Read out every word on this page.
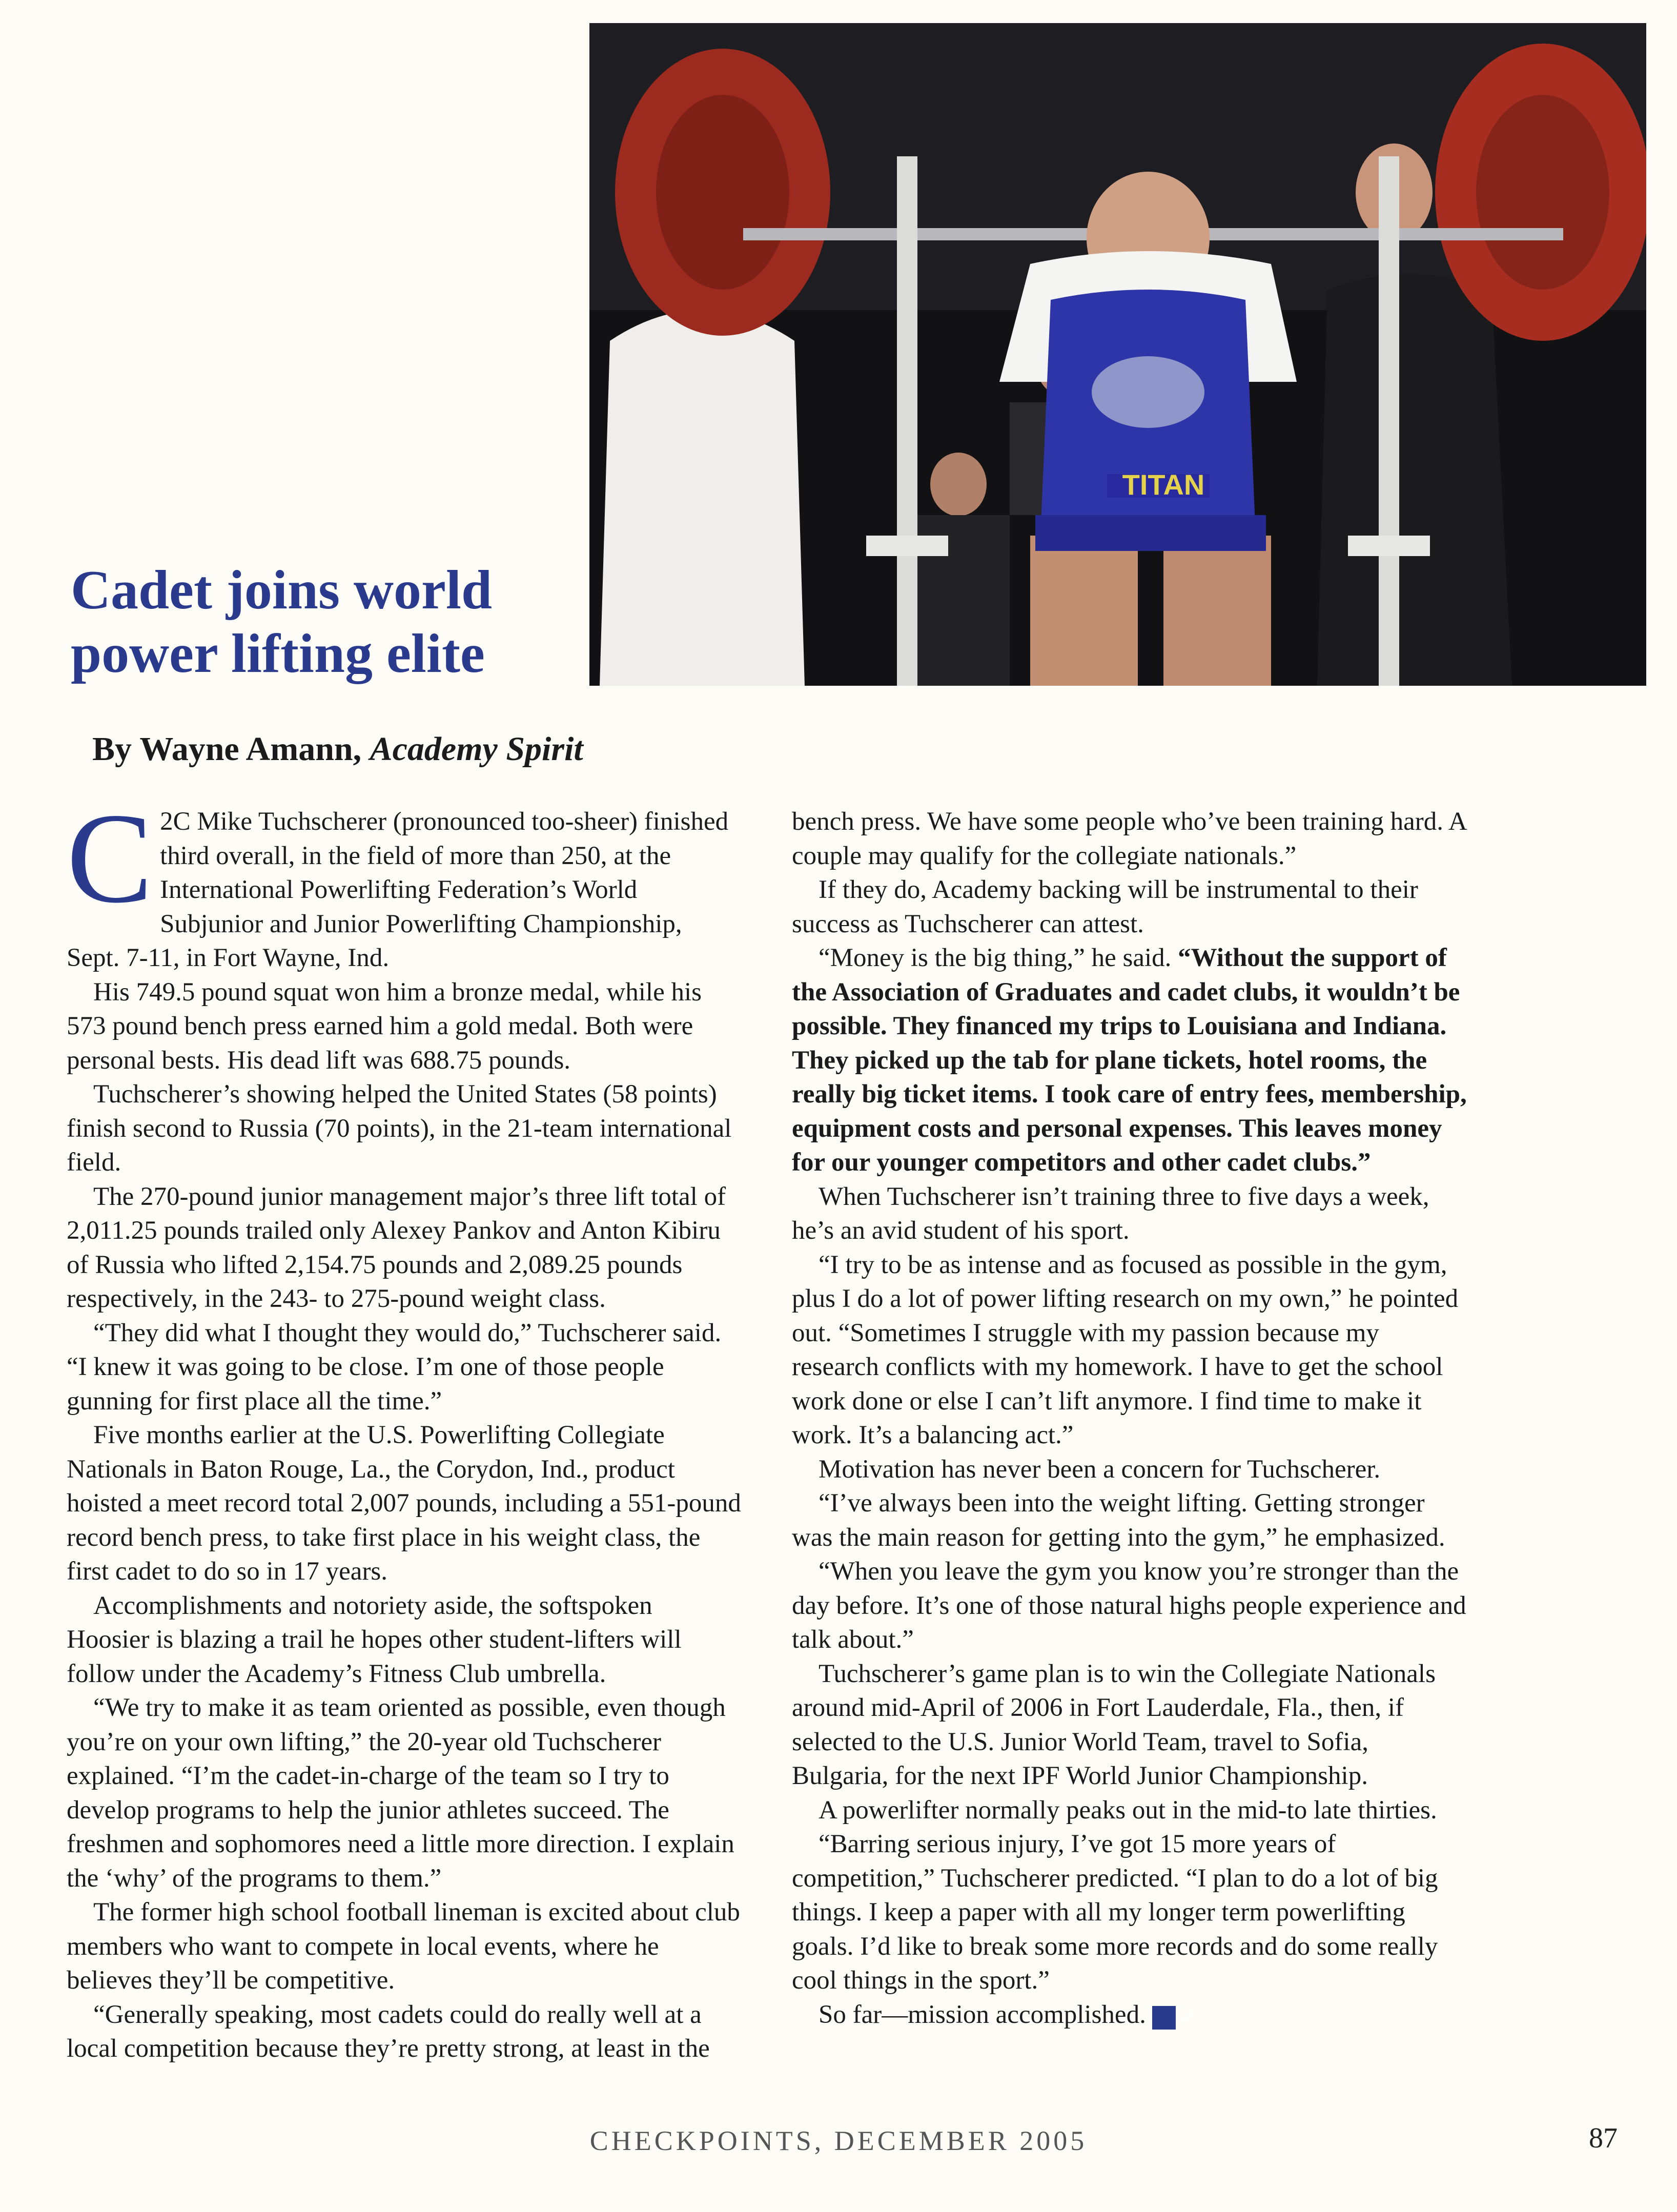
TITAN
Cadet joins world power lifting elite

By Wayne Amann, Academy Spirit

C 2C Mike Tuchscherer (pronounced too-sheer) finished third overall, in the field of more than 250, at the International Powerlifting Federation’s World Subjunior and Junior Powerlifting Championship, Sept. 7-11, in Fort Wayne, Ind.

His 749.5 pound squat won him a bronze medal, while his 573 pound bench press earned him a gold medal. Both were personal bests. His dead lift was 688.75 pounds.

Tuchscherer’s showing helped the United States (58 points) finish second to Russia (70 points), in the 21-team international field.

The 270-pound junior management major’s three lift total of 2,011.25 pounds trailed only Alexey Pankov and Anton Kibiru of Russia who lifted 2,154.75 pounds and 2,089.25 pounds respectively, in the 243- to 275-pound weight class.

“They did what I thought they would do,” Tuchscherer said. “I knew it was going to be close. I’m one of those people gunning for first place all the time.”

Five months earlier at the U.S. Powerlifting Collegiate Nationals in Baton Rouge, La., the Corydon, Ind., product hoisted a meet record total 2,007 pounds, including a 551-pound record bench press, to take first place in his weight class, the first cadet to do so in 17 years.

Accomplishments and notoriety aside, the softspoken Hoosier is blazing a trail he hopes other student-lifters will follow under the Academy’s Fitness Club umbrella.

“We try to make it as team oriented as possible, even though you’re on your own lifting,” the 20-year old Tuchscherer explained. “I’m the cadet-in-charge of the team so I try to develop programs to help the junior athletes succeed. The freshmen and sophomores need a little more direction. I explain the ‘why’ of the programs to them.”

The former high school football lineman is excited about club members who want to compete in local events, where he believes they’ll be competitive.

“Generally speaking, most cadets could do really well at a local competition because they’re pretty strong, at least in the

bench press. We have some people who’ve been training hard. A couple may qualify for the collegiate nationals.”

If they do, Academy backing will be instrumental to their success as Tuchscherer can attest.

“Money is the big thing,” he said. “Without the support of the Association of Graduates and cadet clubs, it wouldn’t be possible. They financed my trips to Louisiana and Indiana. They picked up the tab for plane tickets, hotel rooms, the really big ticket items. I took care of entry fees, membership, equipment costs and personal expenses. This leaves money for our younger competitors and other cadet clubs.”

When Tuchscherer isn’t training three to five days a week, he’s an avid student of his sport.

“I try to be as intense and as focused as possible in the gym, plus I do a lot of power lifting research on my own,” he pointed out. “Sometimes I struggle with my passion because my research conflicts with my homework. I have to get the school work done or else I can’t lift anymore. I find time to make it work. It’s a balancing act.”

Motivation has never been a concern for Tuchscherer.

“I’ve always been into the weight lifting. Getting stronger was the main reason for getting into the gym,” he emphasized.

“When you leave the gym you know you’re stronger than the day before. It’s one of those natural highs people experience and talk about.”

Tuchscherer’s game plan is to win the Collegiate Nationals around mid-April of 2006 in Fort Lauderdale, Fla., then, if selected to the U.S. Junior World Team, travel to Sofia, Bulgaria, for the next IPF World Junior Championship.

A powerlifter normally peaks out in the mid-to late thirties.

“Barring serious injury, I’ve got 15 more years of competition,” Tuchscherer predicted. “I plan to do a lot of big things. I keep a paper with all my longer term powerlifting goals. I’d like to break some more records and do some really cool things in the sport.”

So far—mission accomplished. ✓

CHECKPOINTS, DECEMBER 2005	87
